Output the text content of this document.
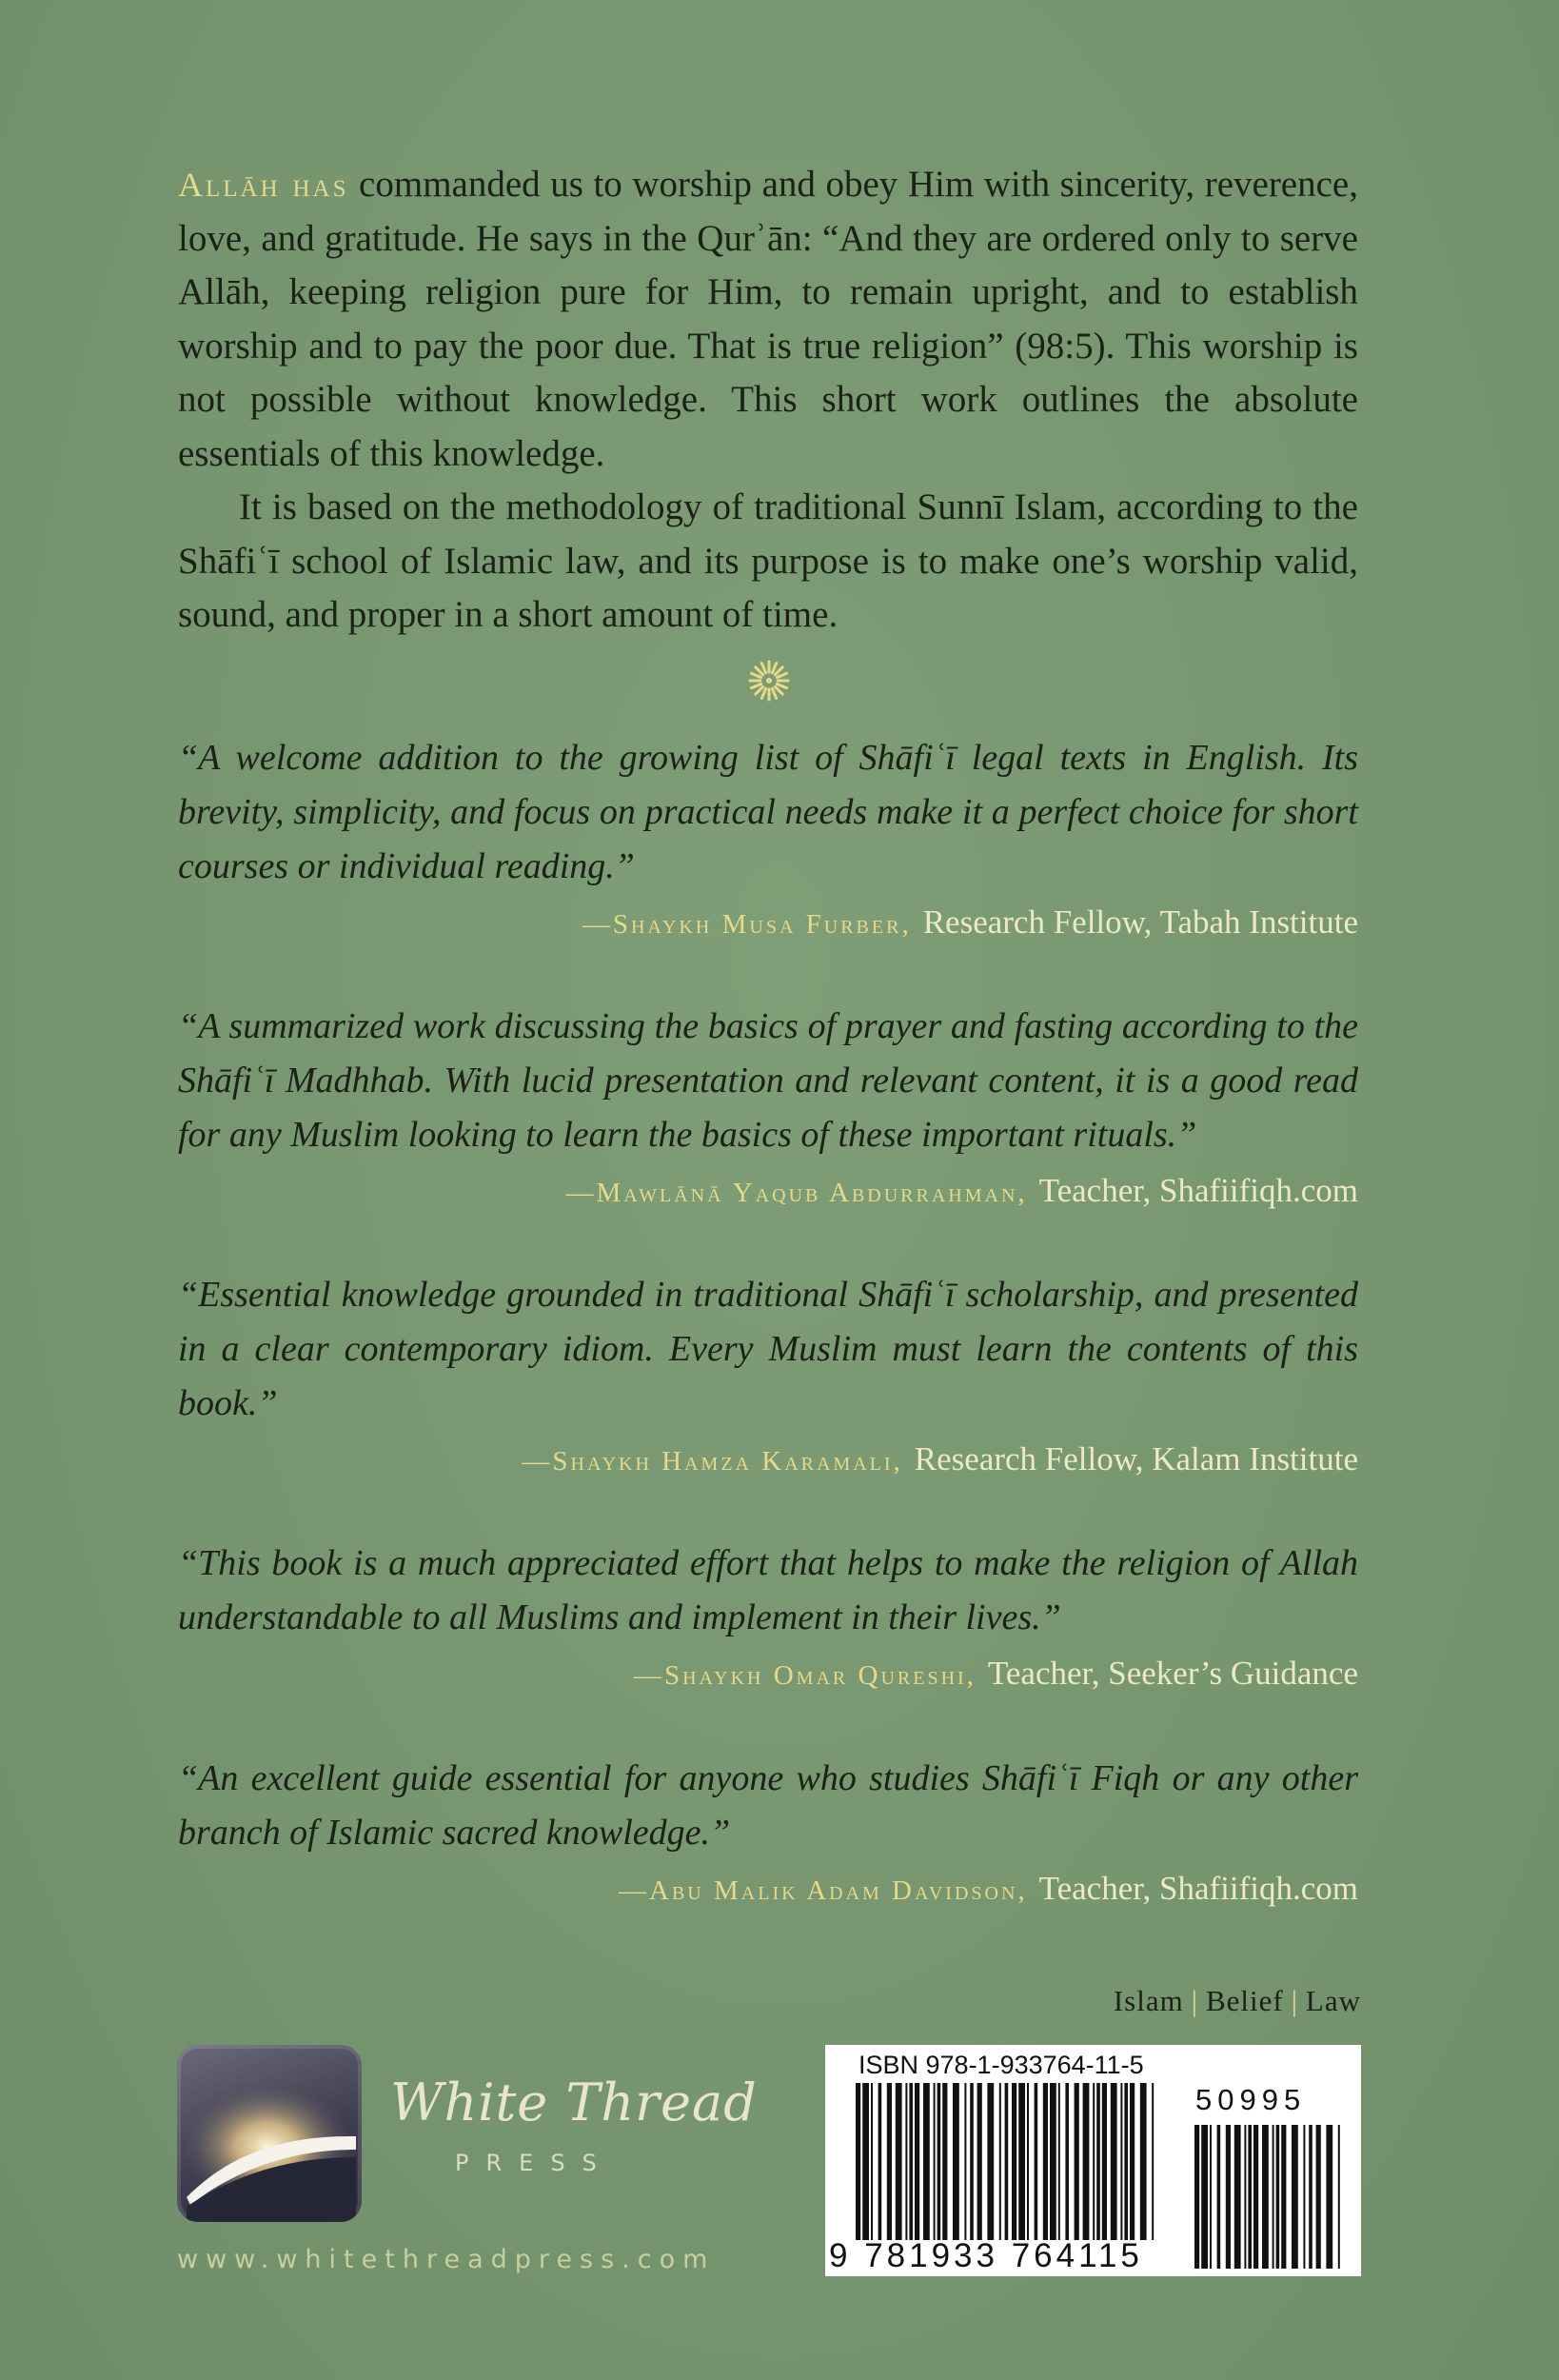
Allāh has commanded us to worship and obey Him with sincerity, reverence, love, and gratitude. He says in the Qurʾān: “And they are ordered only to serve Allāh, keeping religion pure for Him, to remain upright, and to establish worship and to pay the poor due. That is true religion” (98:5). This worship is not possible without knowledge. This short work outlines the absolute essentials of this knowledge.

It is based on the methodology of traditional Sunnī Islam, according to the Shāfiʿī school of Islamic law, and its purpose is to make one’s worship valid, sound, and proper in a short amount of time.

“A welcome addition to the growing list of Shāfiʿī legal texts in English. Its brevity, simplicity, and focus on practical needs make it a perfect choice for short courses or individual reading.”

—Shaykh Musa Furber, Research Fellow, Tabah Institute

“A summarized work discussing the basics of prayer and fasting according to the Shāfiʿī Madhhab. With lucid presentation and relevant content, it is a good read for any Muslim looking to learn the basics of these important rituals.”

—Mawlānā Yaqub Abdurrahman, Teacher, Shafiifiqh.com

“Essential knowledge grounded in traditional Shāfiʿī scholarship, and presented in a clear contemporary idiom. Every Muslim must learn the contents of this book.”

—Shaykh Hamza Karamali, Research Fellow, Kalam Institute

“This book is a much appreciated effort that helps to make the religion of Allah understandable to all Muslims and implement in their lives.”

—Shaykh Omar Qureshi, Teacher, Seeker’s Guidance

“An excellent guide essential for anyone who studies Shāfiʿī Fiqh or any other branch of Islamic sacred knowledge.”

—Abu Malik Adam Davidson, Teacher, Shafiifiqh.com
Islam | Belief | Law
White Thread
PRESS
www.whitethreadpress.com
ISBN 978-1-933764-11-5
50995
9 781933 764115
